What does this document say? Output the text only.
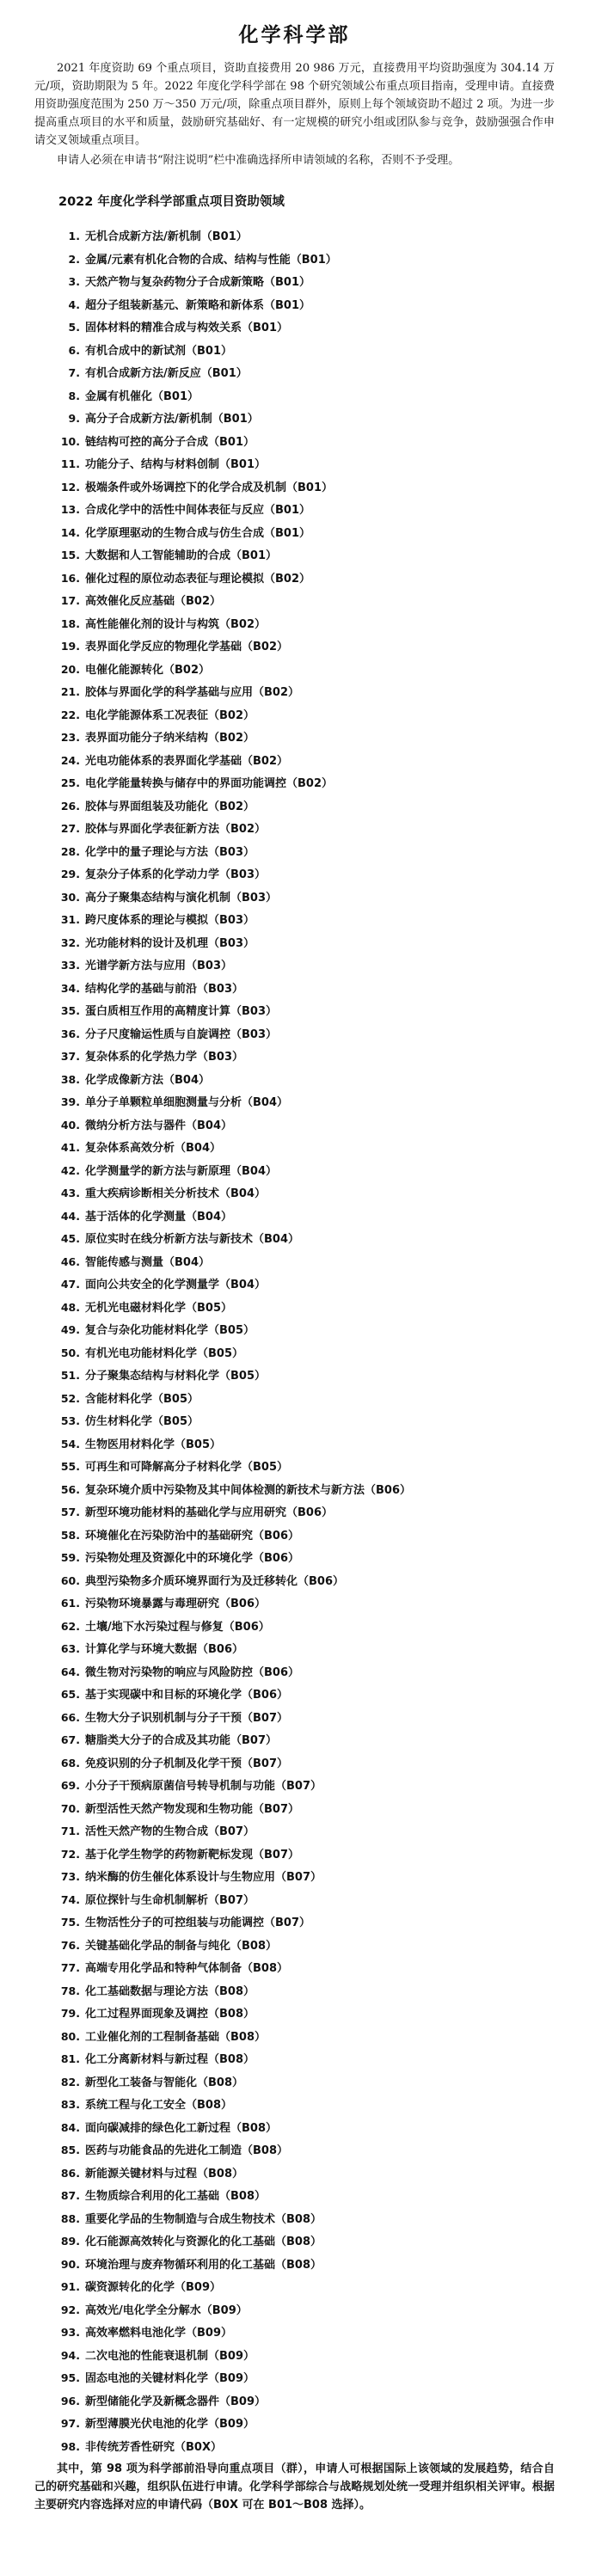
化学科学部

2021 年度资助 69 个重点项目，资助直接费用 20 986 万元，直接费用平均资助强度为 304.14 万元/项，资助期限为 5 年。2022 年度化学科学部在 98 个研究领域公布重点项目指南，受理申请。直接费用资助强度范围为 250 万～350 万元/项，除重点项目群外，原则上每个领域资助不超过 2 项。为进一步提高重点项目的水平和质量，鼓励研究基础好、有一定规模的研究小组或团队参与竞争，鼓励强强合作申请交叉领域重点项目。

申请人必须在申请书“附注说明”栏中准确选择所申请领域的名称，否则不予受理。

2022 年度化学科学部重点项目资助领域
1. 无机合成新方法/新机制（B01）
2. 金属/元素有机化合物的合成、结构与性能（B01）
3. 天然产物与复杂药物分子合成新策略（B01）
4. 超分子组装新基元、新策略和新体系（B01）
5. 固体材料的精准合成与构效关系（B01）
6. 有机合成中的新试剂（B01）
7. 有机合成新方法/新反应（B01）
8. 金属有机催化（B01）
9. 高分子合成新方法/新机制（B01）
10. 链结构可控的高分子合成（B01）
11. 功能分子、结构与材料创制（B01）
12. 极端条件或外场调控下的化学合成及机制（B01）
13. 合成化学中的活性中间体表征与反应（B01）
14. 化学原理驱动的生物合成与仿生合成（B01）
15. 大数据和人工智能辅助的合成（B01）
16. 催化过程的原位动态表征与理论模拟（B02）
17. 高效催化反应基础（B02）
18. 高性能催化剂的设计与构筑（B02）
19. 表界面化学反应的物理化学基础（B02）
20. 电催化能源转化（B02）
21. 胶体与界面化学的科学基础与应用（B02）
22. 电化学能源体系工况表征（B02）
23. 表界面功能分子纳米结构（B02）
24. 光电功能体系的表界面化学基础（B02）
25. 电化学能量转换与储存中的界面功能调控（B02）
26. 胶体与界面组装及功能化（B02）
27. 胶体与界面化学表征新方法（B02）
28. 化学中的量子理论与方法（B03）
29. 复杂分子体系的化学动力学（B03）
30. 高分子聚集态结构与演化机制（B03）
31. 跨尺度体系的理论与模拟（B03）
32. 光功能材料的设计及机理（B03）
33. 光谱学新方法与应用（B03）
34. 结构化学的基础与前沿（B03）
35. 蛋白质相互作用的高精度计算（B03）
36. 分子尺度输运性质与自旋调控（B03）
37. 复杂体系的化学热力学（B03）
38. 化学成像新方法（B04）
39. 单分子单颗粒单细胞测量与分析（B04）
40. 微纳分析方法与器件（B04）
41. 复杂体系高效分析（B04）
42. 化学测量学的新方法与新原理（B04）
43. 重大疾病诊断相关分析技术（B04）
44. 基于活体的化学测量（B04）
45. 原位实时在线分析新方法与新技术（B04）
46. 智能传感与测量（B04）
47. 面向公共安全的化学测量学（B04）
48. 无机光电磁材料化学（B05）
49. 复合与杂化功能材料化学（B05）
50. 有机光电功能材料化学（B05）
51. 分子聚集态结构与材料化学（B05）
52. 含能材料化学（B05）
53. 仿生材料化学（B05）
54. 生物医用材料化学（B05）
55. 可再生和可降解高分子材料化学（B05）
56. 复杂环境介质中污染物及其中间体检测的新技术与新方法（B06）
57. 新型环境功能材料的基础化学与应用研究（B06）
58. 环境催化在污染防治中的基础研究（B06）
59. 污染物处理及资源化中的环境化学（B06）
60. 典型污染物多介质环境界面行为及迁移转化（B06）
61. 污染物环境暴露与毒理研究（B06）
62. 土壤/地下水污染过程与修复（B06）
63. 计算化学与环境大数据（B06）
64. 微生物对污染物的响应与风险防控（B06）
65. 基于实现碳中和目标的环境化学（B06）
66. 生物大分子识别机制与分子干预（B07）
67. 糖脂类大分子的合成及其功能（B07）
68. 免疫识别的分子机制及化学干预（B07）
69. 小分子干预病原菌信号转导机制与功能（B07）
70. 新型活性天然产物发现和生物功能（B07）
71. 活性天然产物的生物合成（B07）
72. 基于化学生物学的药物新靶标发现（B07）
73. 纳米酶的仿生催化体系设计与生物应用（B07）
74. 原位探针与生命机制解析（B07）
75. 生物活性分子的可控组装与功能调控（B07）
76. 关键基础化学品的制备与纯化（B08）
77. 高端专用化学品和特种气体制备（B08）
78. 化工基础数据与理论方法（B08）
79. 化工过程界面现象及调控（B08）
80. 工业催化剂的工程制备基础（B08）
81. 化工分离新材料与新过程（B08）
82. 新型化工装备与智能化（B08）
83. 系统工程与化工安全（B08）
84. 面向碳减排的绿色化工新过程（B08）
85. 医药与功能食品的先进化工制造（B08）
86. 新能源关键材料与过程（B08）
87. 生物质综合利用的化工基础（B08）
88. 重要化学品的生物制造与合成生物技术（B08）
89. 化石能源高效转化与资源化的化工基础（B08）
90. 环境治理与废弃物循环利用的化工基础（B08）
91. 碳资源转化的化学（B09）
92. 高效光/电化学全分解水（B09）
93. 高效率燃料电池化学（B09）
94. 二次电池的性能衰退机制（B09）
95. 固态电池的关键材料化学（B09）
96. 新型储能化学及新概念器件（B09）
97. 新型薄膜光伏电池的化学（B09）
98. 非传统芳香性研究（B0X）

其中，第 98 项为科学部前沿导向重点项目（群），申请人可根据国际上该领域的发展趋势，结合自己的研究基础和兴趣，组织队伍进行申请。化学科学部综合与战略规划处统一受理并组织相关评审。根据主要研究内容选择对应的申请代码（B0X 可在 B01～B08 选择）。
